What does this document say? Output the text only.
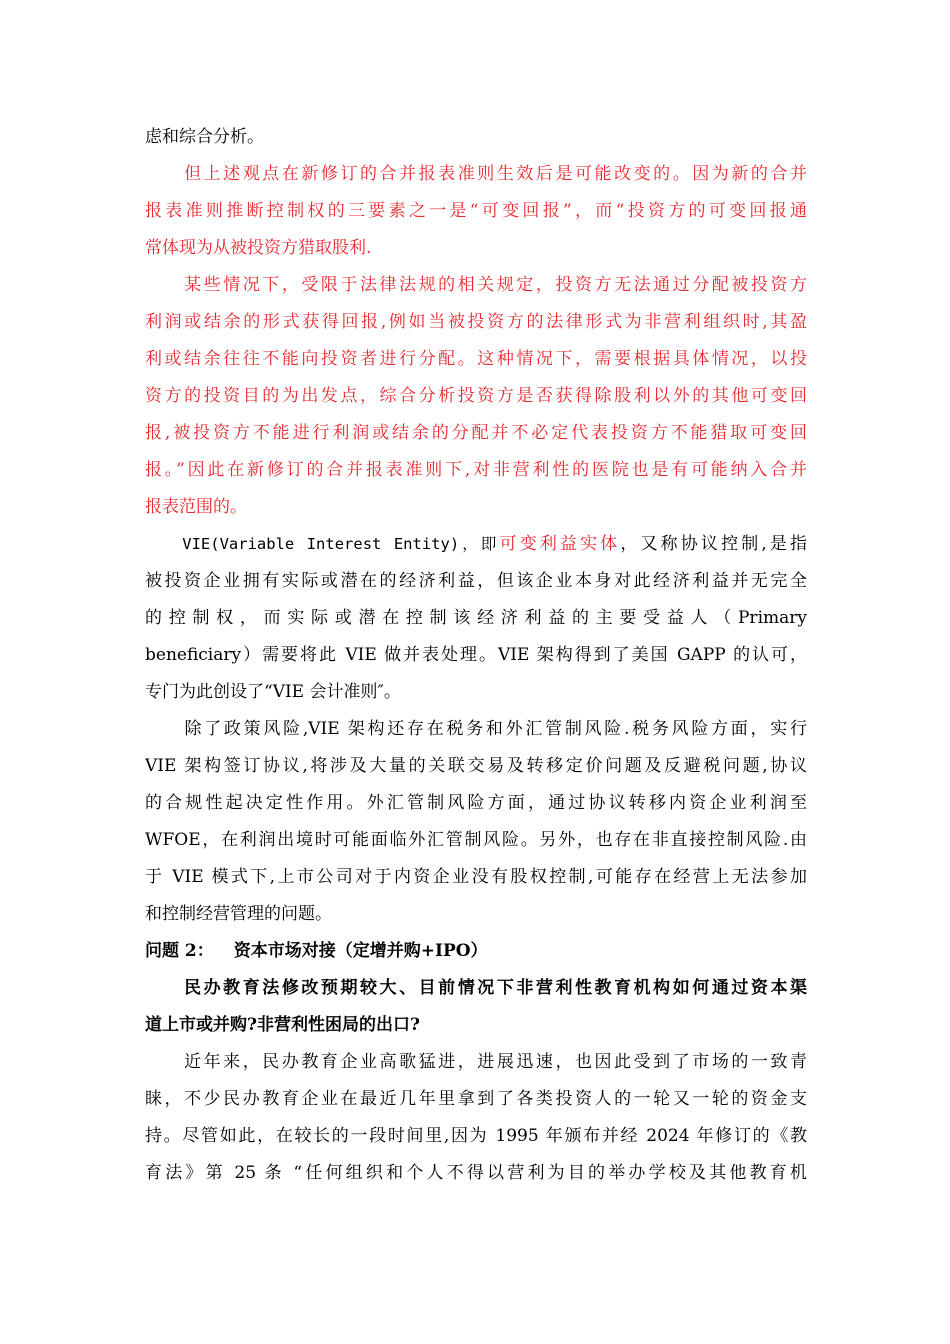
虑和综合分析。
　　但上述观点在新修订的合并报表准则生效后是可能改变的。因为新的合并
报表准则推断控制权的三要素之一是“可变回报”，而“投资方的可变回报通
常体现为从被投资方猎取股利.
　　某些情况下，受限于法律法规的相关规定，投资方无法通过分配被投资方
利润或结余的形式获得回报,例如当被投资方的法律形式为非营利组织时,其盈
利或结余往往不能向投资者进行分配。这种情况下，需要根据具体情况，以投
资方的投资目的为出发点，综合分析投资方是否获得除股利以外的其他可变回
报,被投资方不能进行利润或结余的分配并不必定代表投资方不能猎取可变回
报。”因此在新修订的合并报表准则下,对非营利性的医院也是有可能纳入合并
报表范围的。
　　VIE(Variable Interest Entity)，即可变利益实体，又称协议控制,是指
被投资企业拥有实际或潜在的经济利益，但该企业本身对此经济利益并无完全
的控制权，而实际或潜在控制该经济利益的主要受益人（Primary
beneficiary）需要将此 VIE 做并表处理。VIE 架构得到了美国 GAPP 的认可，
专门为此创设了“VIE 会计准则″。
　　除了政策风险,VIE 架构还存在税务和外汇管制风险.税务风险方面，实行
VIE 架构签订协议,将涉及大量的关联交易及转移定价问题及反避税问题,协议
的合规性起决定性作用。外汇管制风险方面，通过协议转移内资企业利润至
WFOE，在利润出境时可能面临外汇管制风险。另外，也存在非直接控制风险.由
于 VIE 模式下,上市公司对于内资企业没有股权控制,可能存在经营上无法参加
和控制经营管理的问题。
问题 2： 资本市场对接（定增并购+IPO）
　　民办教育法修改预期较大、目前情况下非营利性教育机构如何通过资本渠
道上市或并购?非营利性困局的出口?
　　近年来，民办教育企业高歌猛进，进展迅速，也因此受到了市场的一致青
睐，不少民办教育企业在最近几年里拿到了各类投资人的一轮又一轮的资金支
持。尽管如此，在较长的一段时间里,因为 1995 年颁布并经 2024 年修订的《教
育法》第 25 条 “任何组织和个人不得以营利为目的举办学校及其他教育机
